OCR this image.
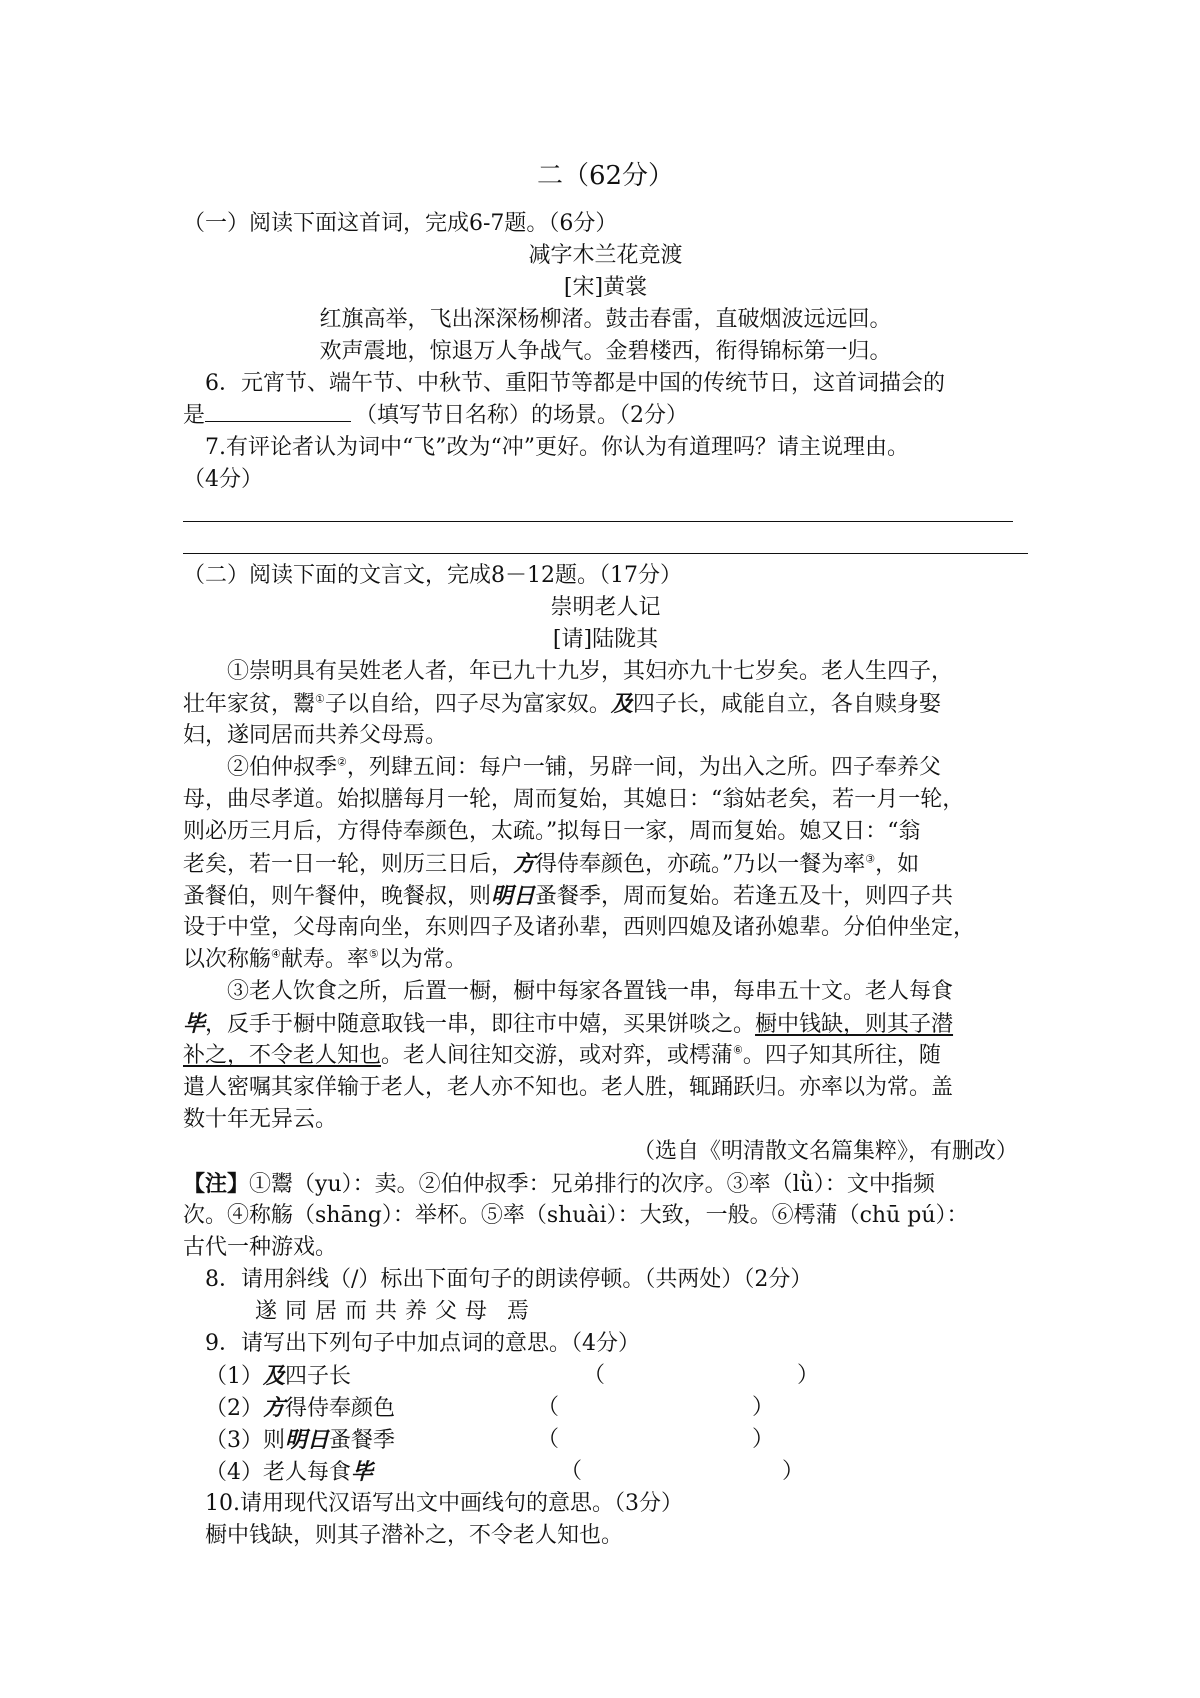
二（62分）
（一）阅读下面这首词，完成6-7题。（6分）
减字木兰花竞渡
[宋]黄裳
红旗高举，飞出深深杨柳渚。鼓击春雷，直破烟波远远回。
欢声震地，惊退万人争战气。金碧楼西，衔得锦标第一归。
6．元宵节、端午节、中秋节、重阳节等都是中国的传统节日，这首词描会的
是	（填写节日名称）的场景。（2分）
7.有评论者认为词中“飞”改为“冲”更好。你认为有道理吗？请主说理由。
（4分）
（二）阅读下面的文言文，完成8－12题。（17分）
崇明老人记
[请]陆陇其
①崇明具有吴姓老人者，年已九十九岁，其妇亦九十七岁矣。老人生四子，
壮年家贫，鬻①子以自给，四子尽为富家奴。及四子长，咸能自立，各自赎身娶
妇，遂同居而共养父母焉。
②伯仲叔季②，列肆五间：每户一铺，另辟一间，为出入之所。四子奉养父
母，曲尽孝道。始拟膳每月一轮，周而复始，其媳日：“翁姑老矣，若一月一轮，
则必历三月后，方得侍奉颜色，太疏。”拟每日一家，周而复始。媳又日：“翁
老矣，若一日一轮，则历三日后，方得侍奉颜色，亦疏。”乃以一餐为率③，如
蚤餐伯，则午餐仲，晚餐叔，则明日蚤餐季，周而复始。若逢五及十，则四子共
设于中堂，父母南向坐，东则四子及诸孙辈，西则四媳及诸孙媳辈。分伯仲坐定，
以次称觞④献寿。率⑤以为常。
③老人饮食之所，后置一橱，橱中每家各置钱一串，每串五十文。老人每食
毕，反手于橱中随意取钱一串，即往市中嬉，买果饼啖之。橱中钱缺，则其子潜
补之，不令老人知也。老人间往知交游，或对弈，或樗蒲⑥。四子知其所往，随
遣人密嘱其家佯输于老人，老人亦不知也。老人胜，辄踊跃归。亦率以为常。盖
数十年无异云。
（选自《明清散文名篇集粹》，有删改）
【注】①鬻（yu）：卖。②伯仲叔季：兄弟排行的次序。③率（lǜ）：文中指频
次。④称觞（shāng）：举杯。⑤率（shuài）：大致，一般。⑥樗蒲（chū pú）：
古代一种游戏。
8．请用斜线（/）标出下面句子的朗读停顿。（共两处）（2分）
遂同居而共养父母 焉
9．请写出下列句子中加点词的意思。（4分）
（1）及四子长	（	）
（2）方得侍奉颜色	（	）
（3）则明日蚤餐季	（	）
（4）老人每食毕	（	）
10.请用现代汉语写出文中画线句的意思。（3分）
橱中钱缺，则其子潜补之，不令老人知也。
